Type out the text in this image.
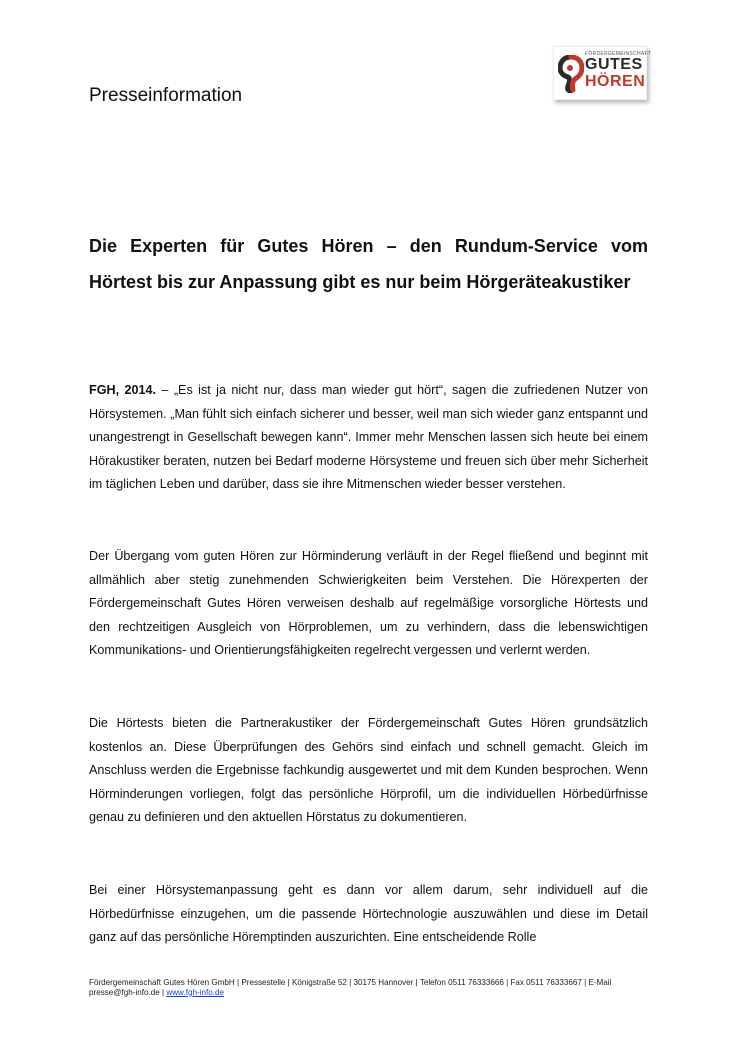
Presseinformation
FÖRDERGEMEINSCHAFT
GUTES
HÖREN
Die Experten für Gutes Hören – den Rundum-Service vom Hörtest bis zur Anpassung gibt es nur beim Hörgeräteakustiker

FGH, 2014. – „Es ist ja nicht nur, dass man wieder gut hört“, sagen die zufriedenen Nutzer von Hörsystemen. „Man fühlt sich einfach sicherer und besser, weil man sich wieder ganz entspannt und unangestrengt in Gesellschaft bewegen kann“. Immer mehr Menschen lassen sich heute bei einem Hörakustiker beraten, nutzen bei Bedarf moderne Hörsysteme und freuen sich über mehr Sicherheit im täglichen Leben und darüber, dass sie ihre Mitmenschen wieder besser verstehen.

Der Übergang vom guten Hören zur Hörminderung verläuft in der Regel fließend und beginnt mit allmählich aber stetig zunehmenden Schwierigkeiten beim Verstehen. Die Hörexperten der Fördergemeinschaft Gutes Hören verweisen deshalb auf regelmäßige vorsorgliche Hörtests und den rechtzeitigen Ausgleich von Hörproblemen, um zu verhindern, dass die lebenswichtigen Kommunikations- und Orientierungsfähigkeiten regelrecht vergessen und verlernt werden.

Die Hörtests bieten die Partnerakustiker der Fördergemeinschaft Gutes Hören grundsätzlich kostenlos an. Diese Überprüfungen des Gehörs sind einfach und schnell gemacht. Gleich im Anschluss werden die Ergebnisse fachkundig ausgewertet und mit dem Kunden besprochen. Wenn Hörminderungen vorliegen, folgt das persönliche Hörprofil, um die individuellen Hörbedürfnisse genau zu definieren und den aktuellen Hörstatus zu dokumentieren.

Bei einer Hörsystemanpassung geht es dann vor allem darum, sehr individuell auf die Hörbedürfnisse einzugehen, um die passende Hörtechnologie auszuwählen und diese im Detail ganz auf das persönliche Höremptinden auszurichten. Eine entscheidende Rolle

Fördergemeinschaft Gutes Hören GmbH | Pressestelle | Königstraße 52 | 30175 Hannover | Telefon 0511 76333666 | Fax 0511 76333667 | E-Mail presse@fgh-info.de | www.fgh-info.de
